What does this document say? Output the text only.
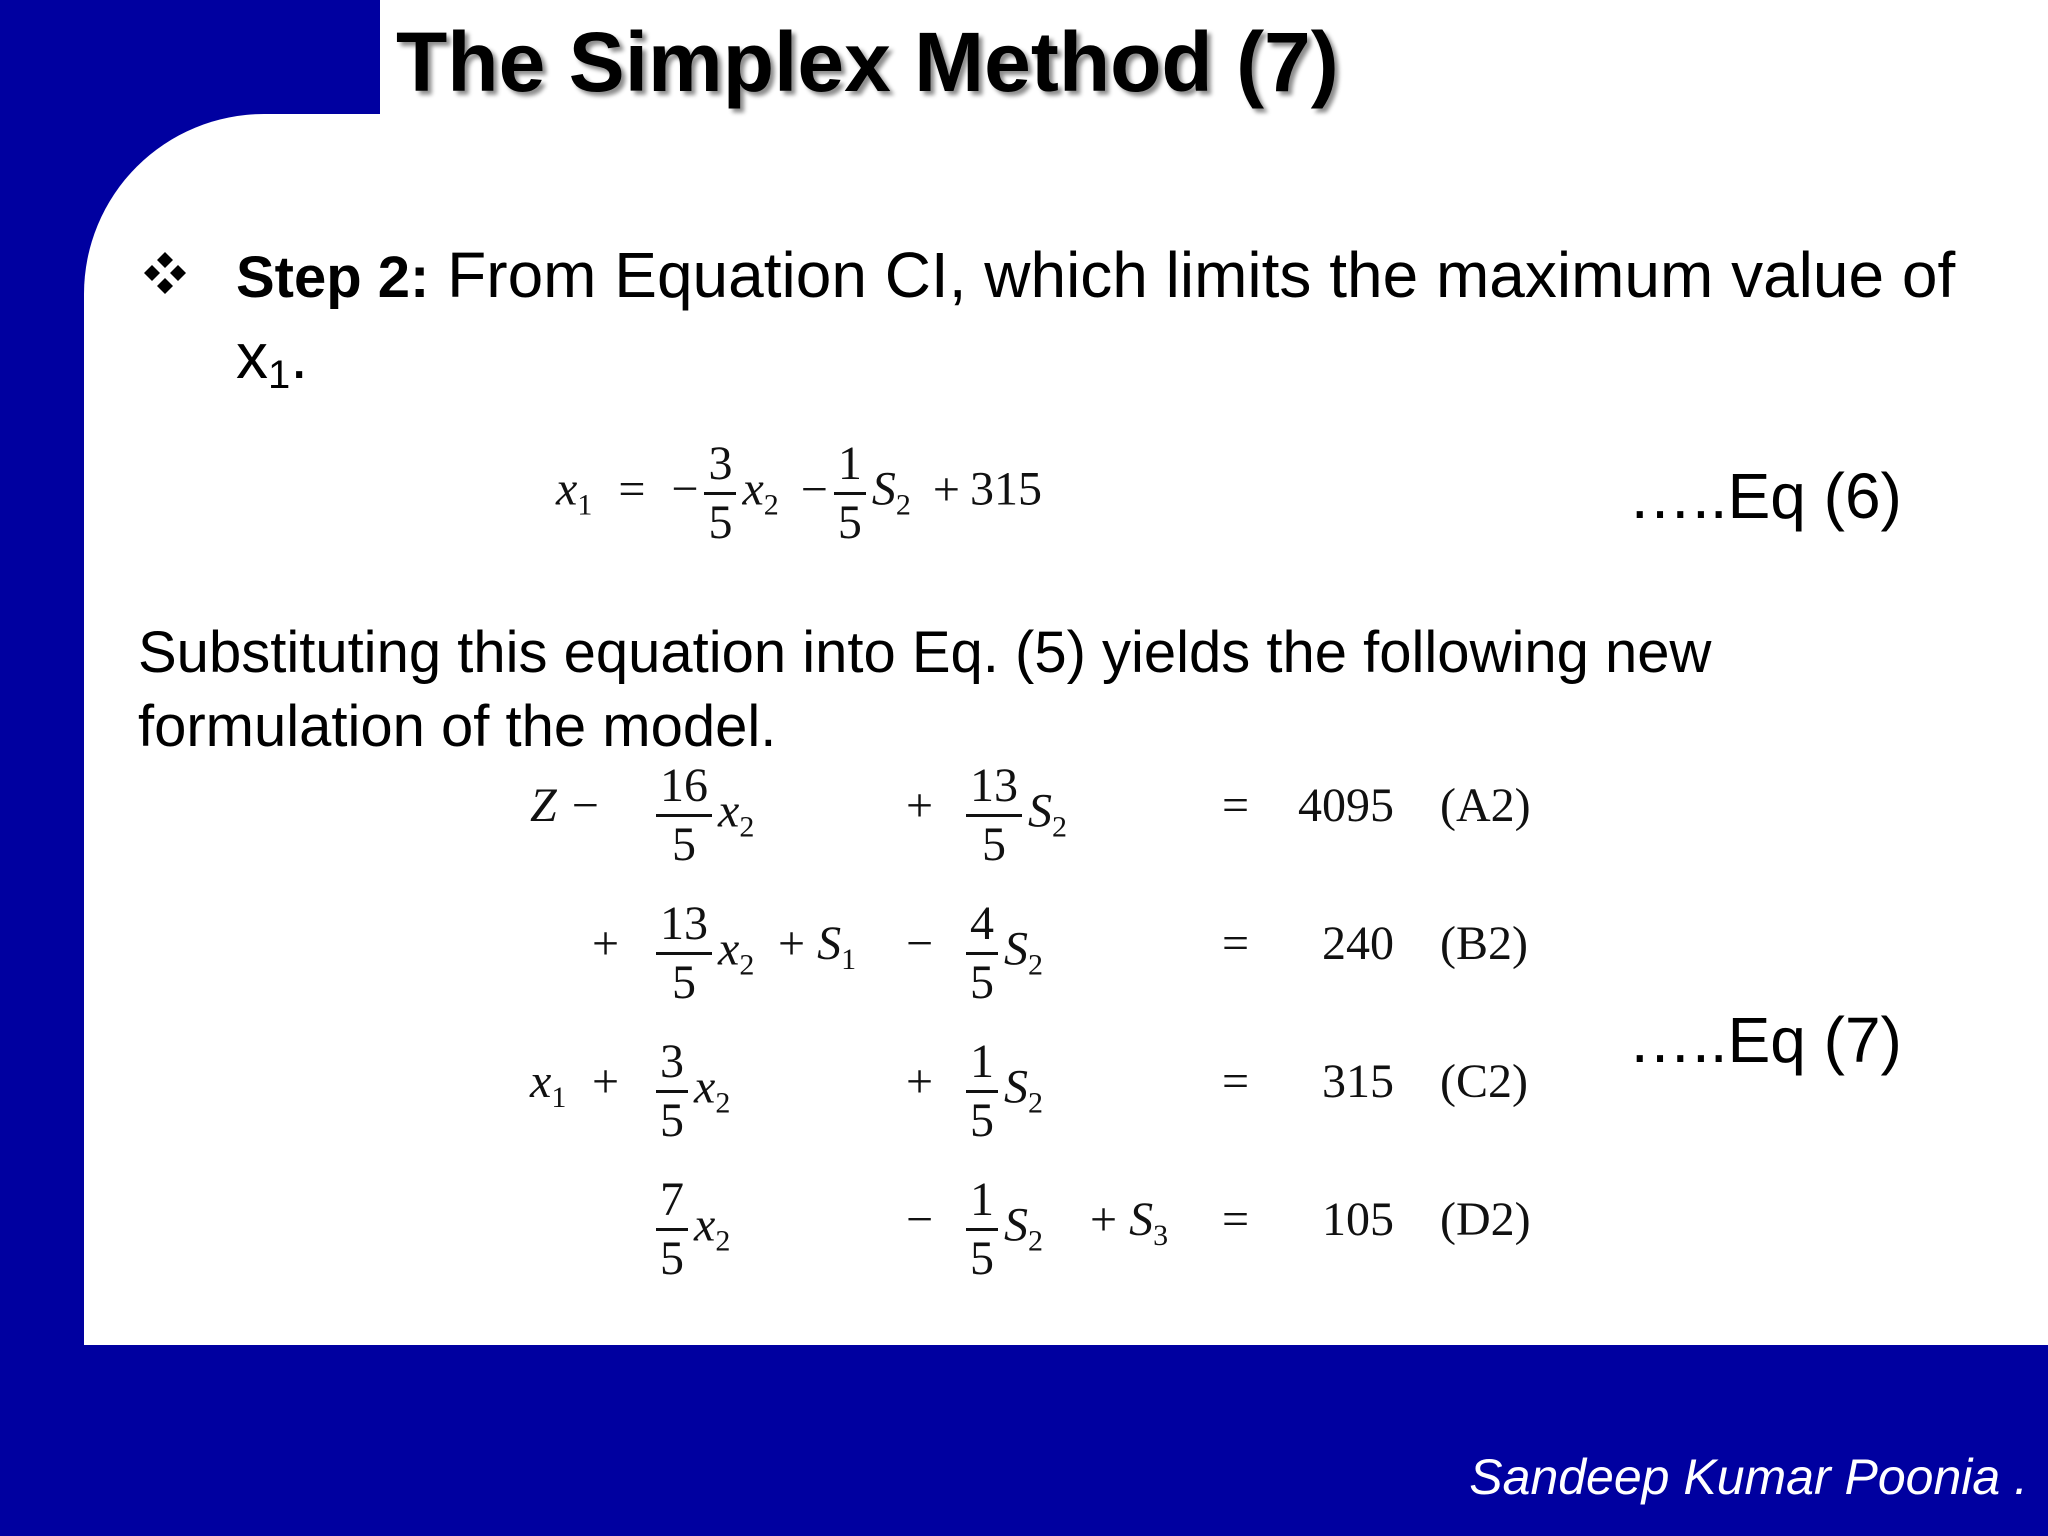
The Simplex Method (7)
Step 2: From Equation CI, which limits the maximum value of $x_1$.
$x_1$ = − $\frac{3}{5} x_2 - \frac{1}{5} S_2 + 315$	…..Eq (6)
Substituting this equation into Eq. (5) yields the following new formulation of the model.
$Z - \frac{16}{5} x_2$	+ $\frac{13}{5} S_2$	= 4095 (A2)
+ $\frac{13}{5} x_2 + S_1 - \frac{4}{5} S_2$	=	240 (B2)
$x_1 + \frac{3}{5} x_2$	+ $\frac{1}{5} S_2$	=	315 (C2)
$\frac{7}{5} x_2$	− $\frac{1}{5} S_2 + S_3$ =	105 (D2)
…..Eq (7)
Sandeep Kumar Poonia .
